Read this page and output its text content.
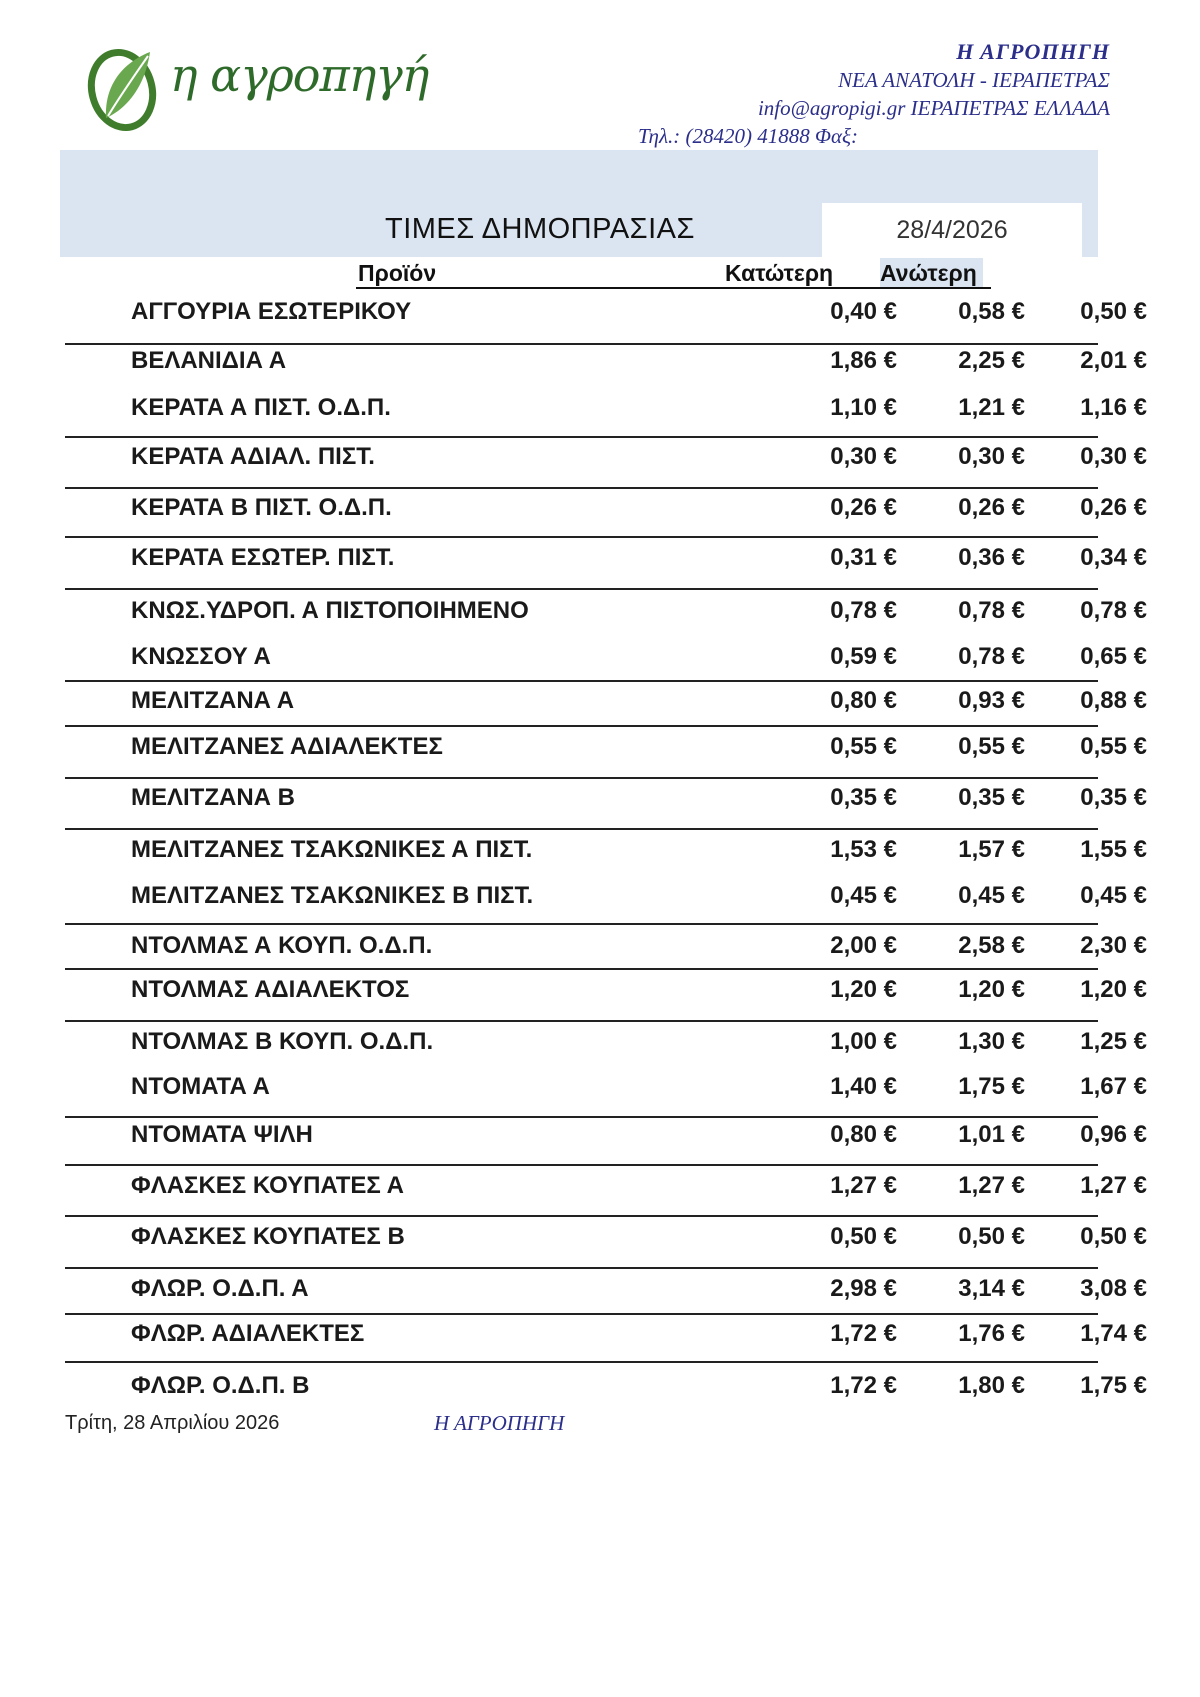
η αγροπηγή	Η ΑΓΡΟΠΗΓΗ
ΝΕΑ ΑΝΑΤΟΛΗ - ΙΕΡΑΠΕΤΡΑΣ
info@agropigi.gr ΙΕΡΑΠΕΤΡΑΣ ΕΛΛΑΔΑ
Τηλ.: (28420) 41888 Φαξ:
ΤΙΜΕΣ ΔΗΜΟΠΡΑΣΙΑΣ	28/4/2026
Προϊόν	Κατώτερη Ανώτερη
ΑΓΓΟΥΡΙΑ ΕΣΩΤΕΡΙΚΟΥ	0,40 €	0,58 €	0,50 €
ΒΕΛΑΝΙΔΙΑ Α	1,86 €	2,25 €	2,01 €
ΚΕΡΑΤΑ Α ΠΙΣΤ. Ο.Δ.Π.	1,10 €	1,21 €	1,16 €
ΚΕΡΑΤΑ ΑΔΙΑΛ. ΠΙΣΤ.	0,30 €	0,30 €	0,30 €
ΚΕΡΑΤΑ Β ΠΙΣΤ. Ο.Δ.Π.	0,26 €	0,26 €	0,26 €
ΚΕΡΑΤΑ ΕΣΩΤΕΡ. ΠΙΣΤ.	0,31 €	0,36 €	0,34 €
ΚΝΩΣ.ΥΔΡΟΠ. Α ΠΙΣΤΟΠΟΙΗΜΕΝΟ	0,78 €	0,78 €	0,78 €
ΚΝΩΣΣΟΥ Α	0,59 €	0,78 €	0,65 €
ΜΕΛΙΤΖΑΝΑ Α	0,80 €	0,93 €	0,88 €
ΜΕΛΙΤΖΑΝΕΣ ΑΔΙΑΛΕΚΤΕΣ	0,55 €	0,55 €	0,55 €
ΜΕΛΙΤΖΑΝΑ Β	0,35 €	0,35 €	0,35 €
ΜΕΛΙΤΖΑΝΕΣ ΤΣΑΚΩΝΙΚΕΣ Α ΠΙΣΤ.	1,53 €	1,57 €	1,55 €
ΜΕΛΙΤΖΑΝΕΣ ΤΣΑΚΩΝΙΚΕΣ Β ΠΙΣΤ.	0,45 €	0,45 €	0,45 €
ΝΤΟΛΜΑΣ Α ΚΟΥΠ. Ο.Δ.Π.	2,00 €	2,58 €	2,30 €
ΝΤΟΛΜΑΣ ΑΔΙΑΛΕΚΤΟΣ	1,20 €	1,20 €	1,20 €
ΝΤΟΛΜΑΣ Β ΚΟΥΠ. Ο.Δ.Π.	1,00 €	1,30 €	1,25 €
ΝΤΟΜΑΤΑ Α	1,40 €	1,75 €	1,67 €
ΝΤΟΜΑΤΑ ΨΙΛΗ	0,80 €	1,01 €	0,96 €
ΦΛΑΣΚΕΣ ΚΟΥΠΑΤΕΣ Α	1,27 €	1,27 €	1,27 €
ΦΛΑΣΚΕΣ ΚΟΥΠΑΤΕΣ Β	0,50 €	0,50 €	0,50 €
ΦΛΩΡ. Ο.Δ.Π. Α	2,98 €	3,14 €	3,08 €
ΦΛΩΡ. ΑΔΙΑΛΕΚΤΕΣ	1,72 €	1,76 €	1,74 €
ΦΛΩΡ. Ο.Δ.Π. Β	1,72 €	1,80 €	1,75 €
Τρίτη, 28 Απριλίου 2026	Η ΑΓΡΟΠΗΓΗ
